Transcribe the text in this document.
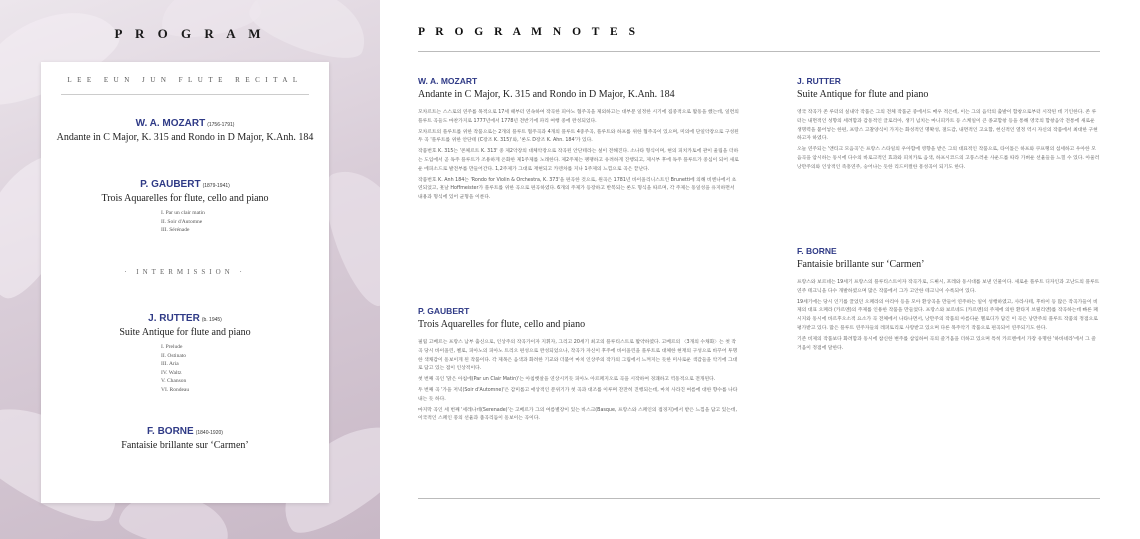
P R O G R A M
LEE EUN JUN FLUTE RECITAL
W. A. MOZART (1756-1791)
Andante in C Major, K. 315 and Rondo in D Major, K.Anh. 184
P. GAUBERT (1879-1941)
Trois Aquarelles for flute, cello and piano
I. Par un clair matin
II. Soir d'Automne
III. Sérénade
· INTERMISSION ·
J. RUTTER (b. 1945)
Suite Antique for flute and piano
I. Prelude
II. Ostinato
III. Aria
IV. Waltz
V. Chanson
VI. Rondeau
F. BORNE (1840-1920)
Fantaisie brillante sur ‘Carmen’
P R O G R A M N O T E S
W. A. MOZART
Andante in C Major, K. 315 and Rondo in D Major, K.Anh. 184

모차르트는 스스로의 연주를 목적으로 17세 때부터 연속하여 작곡한 피아노 협주곡을 제외하고는 대부분 일정한 시기에 집중적으로 활동을 했는데, 일련의 플루트 곡들도 마찬가지로 1777년에서 1778년 전반기에 파리 여행 중에 완성되었다.

모차르트의 플루트를 위한 작품으로는 2개의 플루트 협주곡과 4개의 플루트 4중주곡, 플루트와 하프를 위한 협주곡이 있으며, 미의에 단일악장으로 구성된 두 곡 '플루트를 위한 안단테 (C장조 K. 315)'와, '론도 D장조 K. Ahn. 184'가 있다.

작품번호 K. 315는 '콘체르트 K. 313' 중 제2악장의 대체악장으로 작곡된 안단테라는 설이 전해진다. 소나타 형식이며, 현의 피치카토에 관이 울림을 더하는 도입에서 곧 독주 플루트가 조용하게 온화한 제1주제를 노래한다. 제2주제는 팽팽하고 유려하게 진행되고, 제시부 후에 독주 플루트가 중심이 되어 새로운 에피소드로 발전부를 만들어간다. 1,2주제가 그대로 재현되고 카덴차를 지나 1주제의 느낌으로 곡은 끝난다.

작품번호 K. Anh 184는 'Rondo for Violin & Orchestra, K. 373'을 편곡한 것으로, 원곡은 1781년 바이올리니스트인 Brunetti에 의해 비엔나에서 초연되었고, 훗날 Hoffmeister가 플루트를 위한 곡으로 편곡하였다. 6개의 주제가 등장하고 반복되는 론도 형식을 따르며, 각 주제는 동일성을 유지하면서 내용과 형식에 있어 균형을 이룬다.

P. GAUBERT
Trois Aquarelles for flute, cello and piano

필립 고베르는 프랑스 남부 출신으로, 인상주의 작곡가이자 지휘자, 그리고 20세기 최고의 플루티스트로 활약하였다. 고베르의 〈3개의 수채화〉는 첫 작곡 당시 바이올린, 첼로, 피아노의 피아노 트리오 편성으로 완성되었으나, 작곡가 자신이 후주에 바이올린을 플루트로 대체한 현재의 구성으로 바꾸어 투명한 색채감이 돋보이게 된 작품이다. 각 제목은 음색과 화려한 기교와 더불어 마치 인상주의 작가의 그림에서 느껴지는 듯한 미사로운 색감들을 악기에 그대로 담고 있는 점이 인상적이다.

첫 번째 곡인 '맑은 아침에(Par un Clair Matin)'는 아침햇살을 연상시키듯 피아노 아르페지오로 곡을 시작하여 경쾌하고 역동적으로 전개된다.

두 번째 곡 '가을 저녁(Soir d'Automne)'은 감미롭고 애상적인 분위기가 첫 곡과 대조를 이루며 잔잔히 진행되는데, 마치 사라진 여름에 대한 향수를 나타내는 듯 하다.

마지막 곡인 세 번째 '세레나데(Serenade)'는 고베르가 그의 여름별장이 있는 바스크(Basque, 프랑스와 스페인의 접경지)에서 받은 느낌을 담고 있는데, 이국적인 스페인 풍의 선율과 춤곡리듬이 돋보이는 곡이다.

J. RUTTER
Suite Antique for flute and piano

영국 작곡가 존 루터의 실내악 작품은 그의 전체 작품군 중에서도 매우 적은데, 이는 그의 음악의 출발이 합창으로부터 시작된 데 기인한다. 존 루터는 내면적인 성향의 세려함과 감동적인 글로리아, 생기 넘치는 마니피카트 등 스케일이 큰 종교합창 등을 통해 영국의 합창음악 전통에 새로운 생명력을 불어넣는 한편, 프랑스 고찰양식이 가지는 화성적인 명확성, 절도감, 내면적인 고요함, 헌신적인 열정 역시 자신의 작품에서 최대한 구현하고자 하였다.

오늘 연주되는 '앤티크 모음곡'은 프랑스 스타일의 우아함에 영향을 받은 그의 대표적인 작품으로, 타이틀은 하프와 쿠프랭의 섬세하고 우아한 모음곡을 암시하는 동시에 다수의 바로크적인 효과와 피치카토 음색, 하프시코드의 고풍스러운 사운드를 따라 가벼운 선율들을 느낄 수 있다. 아울러 낭만주의와 인상적인 즉흥연주, 숭어나는 듯한 리드미컬한 흥성곡이 되기도 한다.

F. BORNE
Fantaisie brillante sur ‘Carmen’

프랑스와 보르네는 19세기 프랑스의 플루티스트이자 작곡가로, 드뷔시, 포레와 동시대를 보낸 인물이다. 새로운 플루트 디자인과 고난도의 플루트 연주 테크닉을 다수 개발하였으며 많은 작품에서 그가 고안한 테크닉이 수록되어 있다.

19세기에는 당시 인기를 끌었던 오페라의 아리아 등을 모아 환상곡을 만들어 연주하는 일이 성행하였고, 사라사테, 후바이 등 많은 작곡가들이 비제의 대표 오페라 (카르멘)의 주제를 인용한 작품을 만들었다. 프랑스와 보르네도 (카르멘)의 주제에 의한 환타지 브릴리앤)를 작곡하는데 빠른 패시지와 동시에 바르후오소적 요소가 곡 전체에서 나타나면서, 낭만주의 작품의 아름다운 멜로디가 담긴 이 곡은 낭만주의 플루트 작품의 정점으로 평가받고 있다. 많은 플루트 연주자들의 레퍼토리로 사랑받고 있으며 다른 목주악기 작품으로 편곡되어 연주되기도 한다.

기존 비제의 작품보다 화려함과 동시에 참신한 변주를 삽입하여 곡의 즐거움을 더하고 있으며 특히 카르멘에서 가장 유명한 '하바네라'에서 그 즐거움이 정점에 달한다.
